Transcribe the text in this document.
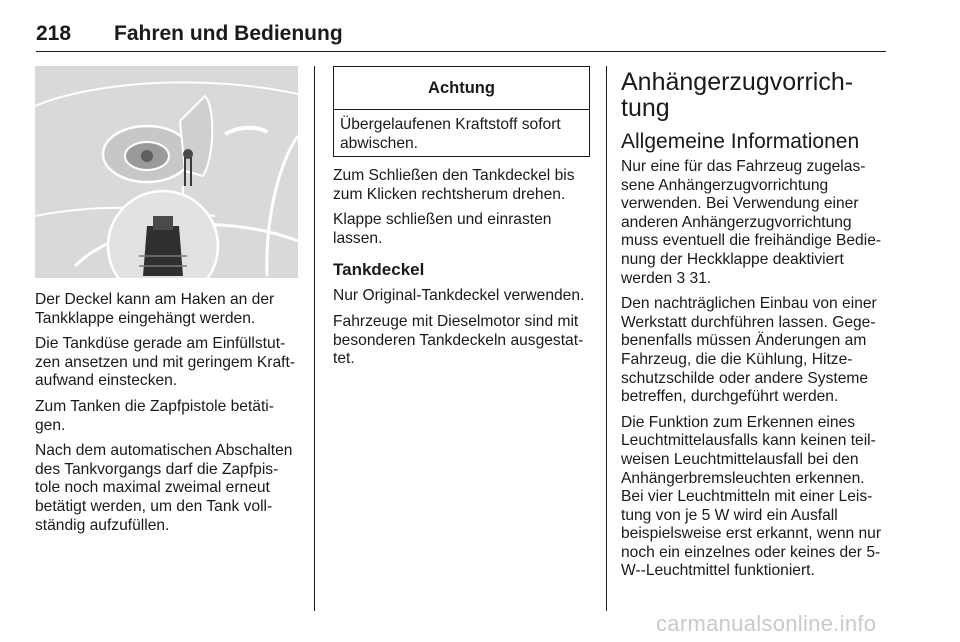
218 Fahren und Bedienung

Der Deckel kann am Haken an der Tankklappe eingehängt werden.

Die Tankdüse gerade am Einfüllstutzen ansetzen und mit geringem Kraftaufwand einstecken.

Zum Tanken die Zapfpistole betätigen.

Nach dem automatischen Abschalten des Tankvorgangs darf die Zapfpistole noch maximal zweimal erneut betätigt werden, um den Tank vollständig aufzufüllen.

Achtung
Übergelaufenen Kraftstoff sofort abwischen.

Zum Schließen den Tankdeckel bis zum Klicken rechtsherum drehen.

Klappe schließen und einrasten lassen.

Tankdeckel

Nur Original-Tankdeckel verwenden.

Fahrzeuge mit Dieselmotor sind mit besonderen Tankdeckeln ausgestattet.

Anhängerzugvorrichtung
Allgemeine Informationen

Nur eine für das Fahrzeug zugelassene Anhängerzugvorrichtung verwenden. Bei Verwendung einer anderen Anhängerzugvorrichtung muss eventuell die freihändige Bedienung der Heckklappe deaktiviert werden 3 31.

Den nachträglichen Einbau von einer Werkstatt durchführen lassen. Gegebenenfalls müssen Änderungen am Fahrzeug, die die Kühlung, Hitzeschutzschilde oder andere Systeme betreffen, durchgeführt werden.

Die Funktion zum Erkennen eines Leuchtmittelausfalls kann keinen teilweisen Leuchtmittelausfall bei den Anhängerbremsleuchten erkennen. Bei vier Leuchtmitteln mit einer Leistung von je 5 W wird ein Ausfall beispielsweise erst erkannt, wenn nur noch ein einzelnes oder keines der 5-W--Leuchtmittel funktioniert.

carmanualsonline.info
